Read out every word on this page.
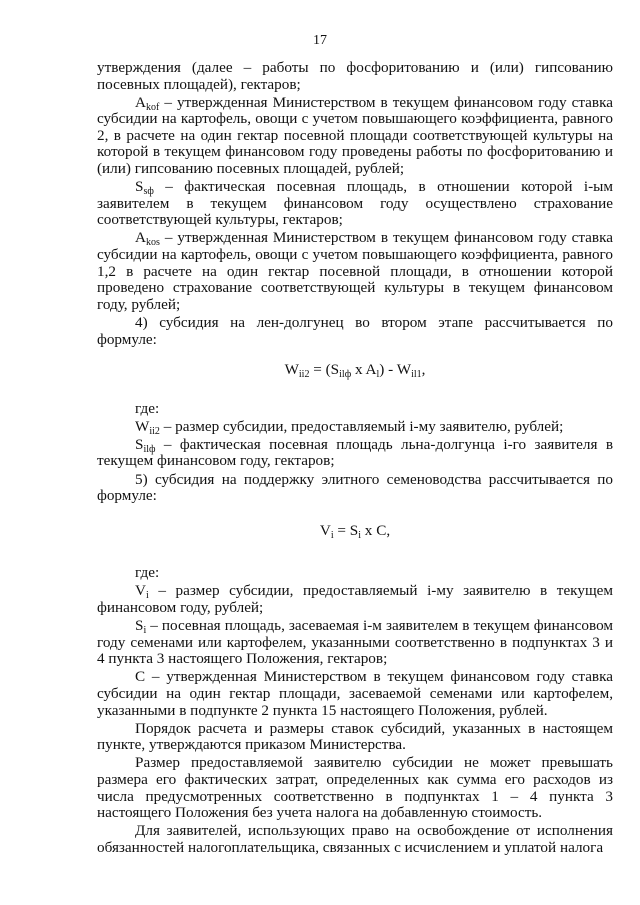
17

утверждения (далее – работы по фосфоритованию и (или) гипсованию посевных площадей), гектаров;

$A_{kof}$ – утвержденная Министерством в текущем финансовом году ставка субсидии на картофель, овощи с учетом повышающего коэффициента, равного 2, в расчете на один гектар посевной площади соответствующей культуры на которой в текущем финансовом году проведены работы по фосфоритованию и (или) гипсованию посевных площадей, рублей;

$S_{sф}$ – фактическая посевная площадь, в отношении которой i-ым заявителем в текущем финансовом году осуществлено страхование соответствующей культуры, гектаров;

$A_{kos}$ – утвержденная Министерством в текущем финансовом году ставка субсидии на картофель, овощи с учетом повышающего коэффициента, равного 1,2 в расчете на один гектар посевной площади, в отношении которой проведено страхование соответствующей культуры в текущем финансовом году, рублей;

4) субсидия на лен-долгунец во втором этапе рассчитывается по формуле:

$W_{ii2} = (S_{ilф}$ x $A_l) - W_{il1}$,

где:

$W_{ii2}$ – размер субсидии, предоставляемый i-му заявителю, рублей;

$S_{ilф}$ – фактическая посевная площадь льна-долгунца i-го заявителя в текущем финансовом году, гектаров;

5) субсидия на поддержку элитного семеноводства рассчитывается по формуле:

$V_i = S_i$ x C,

где:

$V_i$ – размер субсидии, предоставляемый i-му заявителю в текущем финансовом году, рублей;

$S_i$ – посевная площадь, засеваемая i-м заявителем в текущем финансовом году семенами или картофелем, указанными соответственно в подпунктах 3 и 4 пункта 3 настоящего Положения, гектаров;

C – утвержденная Министерством в текущем финансовом году ставка субсидии на один гектар площади, засеваемой семенами или картофелем, указанными в подпункте 2 пункта 15 настоящего Положения, рублей.

Порядок расчета и размеры ставок субсидий, указанных в настоящем пункте, утверждаются приказом Министерства.

Размер предоставляемой заявителю субсидии не может превышать размера его фактических затрат, определенных как сумма его расходов из числа предусмотренных соответственно в подпунктах 1 – 4 пункта 3 настоящего Положения без учета налога на добавленную стоимость.

Для заявителей, использующих право на освобождение от исполнения обязанностей налогоплательщика, связанных с исчислением и уплатой налога
